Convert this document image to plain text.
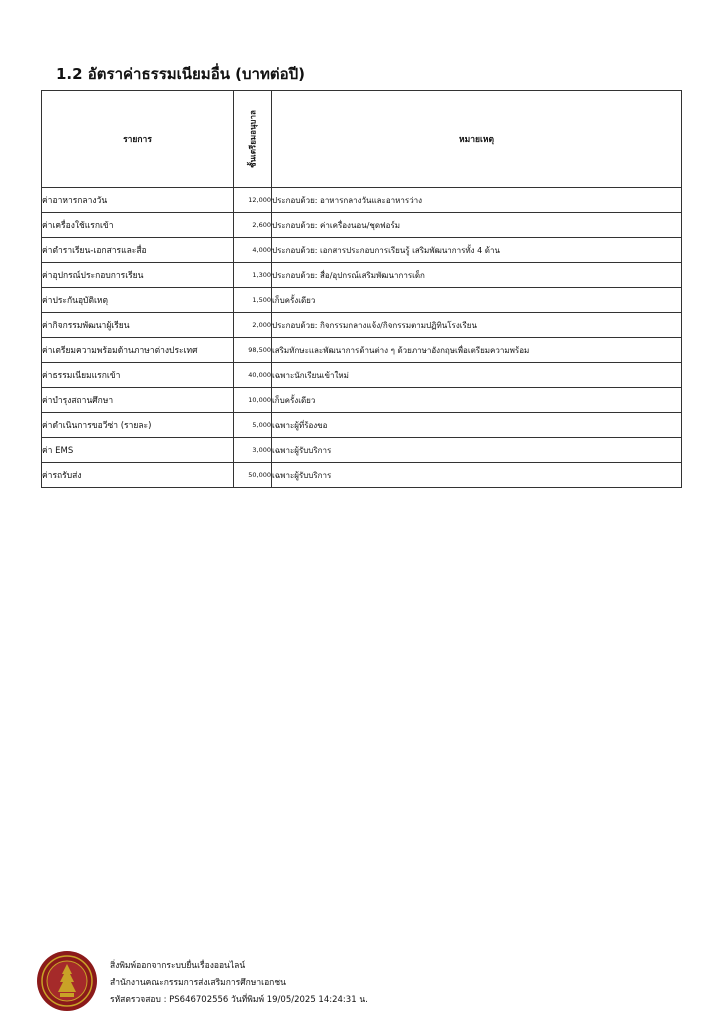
1.2 อัตราค่าธรรมเนียมอื่น (บาทต่อปี)
รายการ	ชั้นเตรียมอนุบาล	หมายเหตุ
ค่าอาหารกลางวัน	12,000	ประกอบด้วย: อาหารกลางวันและอาหารว่าง
ค่าเครื่องใช้แรกเข้า	2,600	ประกอบด้วย: ค่าเครื่องนอน/ชุดฟอร์ม
ค่าตำราเรียน-เอกสารและสื่อ	4,000	ประกอบด้วย: เอกสารประกอบการเรียนรู้ เสริมพัฒนาการทั้ง 4 ด้าน
ค่าอุปกรณ์ประกอบการเรียน	1,300	ประกอบด้วย: สื่อ/อุปกรณ์เสริมพัฒนาการเด็ก
ค่าประกันอุบัติเหตุ	1,500	เก็บครั้งเดียว
ค่ากิจกรรมพัฒนาผู้เรียน	2,000	ประกอบด้วย: กิจกรรมกลางแจ้ง/กิจกรรมตามปฏิทินโรงเรียน
ค่าเตรียมความพร้อมด้านภาษาต่างประเทศ	98,500	เสริมทักษะและพัฒนาการด้านต่าง ๆ ด้วยภาษาอังกฤษเพื่อเตรียมความพร้อม
ค่าธรรมเนียมแรกเข้า	40,000	เฉพาะนักเรียนเข้าใหม่
ค่าบำรุงสถานศึกษา	10,000	เก็บครั้งเดียว
ค่าดำเนินการขอวีซ่า (รายละ)	5,000	เฉพาะผู้ที่ร้องขอ
ค่า EMS	3,000	เฉพาะผู้รับบริการ
ค่ารถรับส่ง	50,000	เฉพาะผู้รับบริการ
สิ่งพิมพ์ออกจากระบบยื่นเรื่องออนไลน์
สำนักงานคณะกรรมการส่งเสริมการศึกษาเอกชน
รหัสตรวจสอบ : PS646702556 วันที่พิมพ์ 19/05/2025 14:24:31 น.
